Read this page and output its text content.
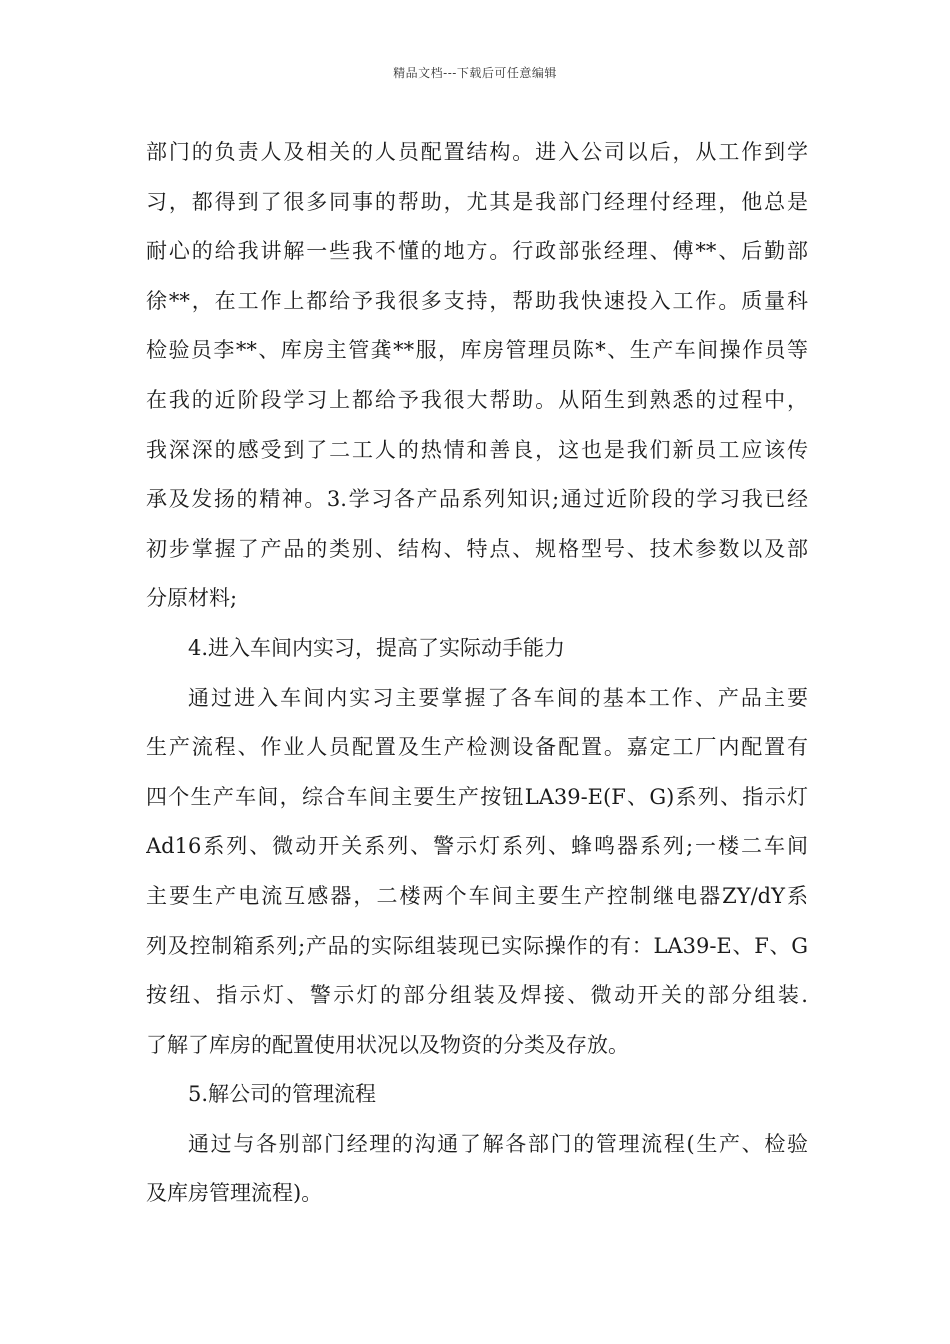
精品文档---下载后可任意编辑
部门的负责人及相关的人员配置结构。进入公司以后，从工作到学
习，都得到了很多同事的帮助，尤其是我部门经理付经理，他总是
耐心的给我讲解一些我不懂的地方。行政部张经理、傅**、后勤部
徐**，在工作上都给予我很多支持，帮助我快速投入工作。质量科
检验员李**、库房主管龚**服，库房管理员陈*、生产车间操作员等
在我的近阶段学习上都给予我很大帮助。从陌生到熟悉的过程中，
我深深的感受到了二工人的热情和善良，这也是我们新员工应该传
承及发扬的精神。3.学习各产品系列知识;通过近阶段的学习我已经
初步掌握了产品的类别、结构、特点、规格型号、技术参数以及部
分原材料;
4.进入车间内实习，提高了实际动手能力
通过进入车间内实习主要掌握了各车间的基本工作、产品主要
生产流程、作业人员配置及生产检测设备配置。嘉定工厂内配置有
四个生产车间，综合车间主要生产按钮LA39-E(F、G)系列、指示灯
Ad16系列、微动开关系列、警示灯系列、蜂鸣器系列;一楼二车间
主要生产电流互感器，二楼两个车间主要生产控制继电器ZY/dY系
列及控制箱系列;产品的实际组装现已实际操作的有：LA39-E、F、G
按纽、指示灯、警示灯的部分组装及焊接、微动开关的部分组装.
了解了库房的配置使用状况以及物资的分类及存放。
5.解公司的管理流程
通过与各别部门经理的沟通了解各部门的管理流程(生产、检验
及库房管理流程)。
